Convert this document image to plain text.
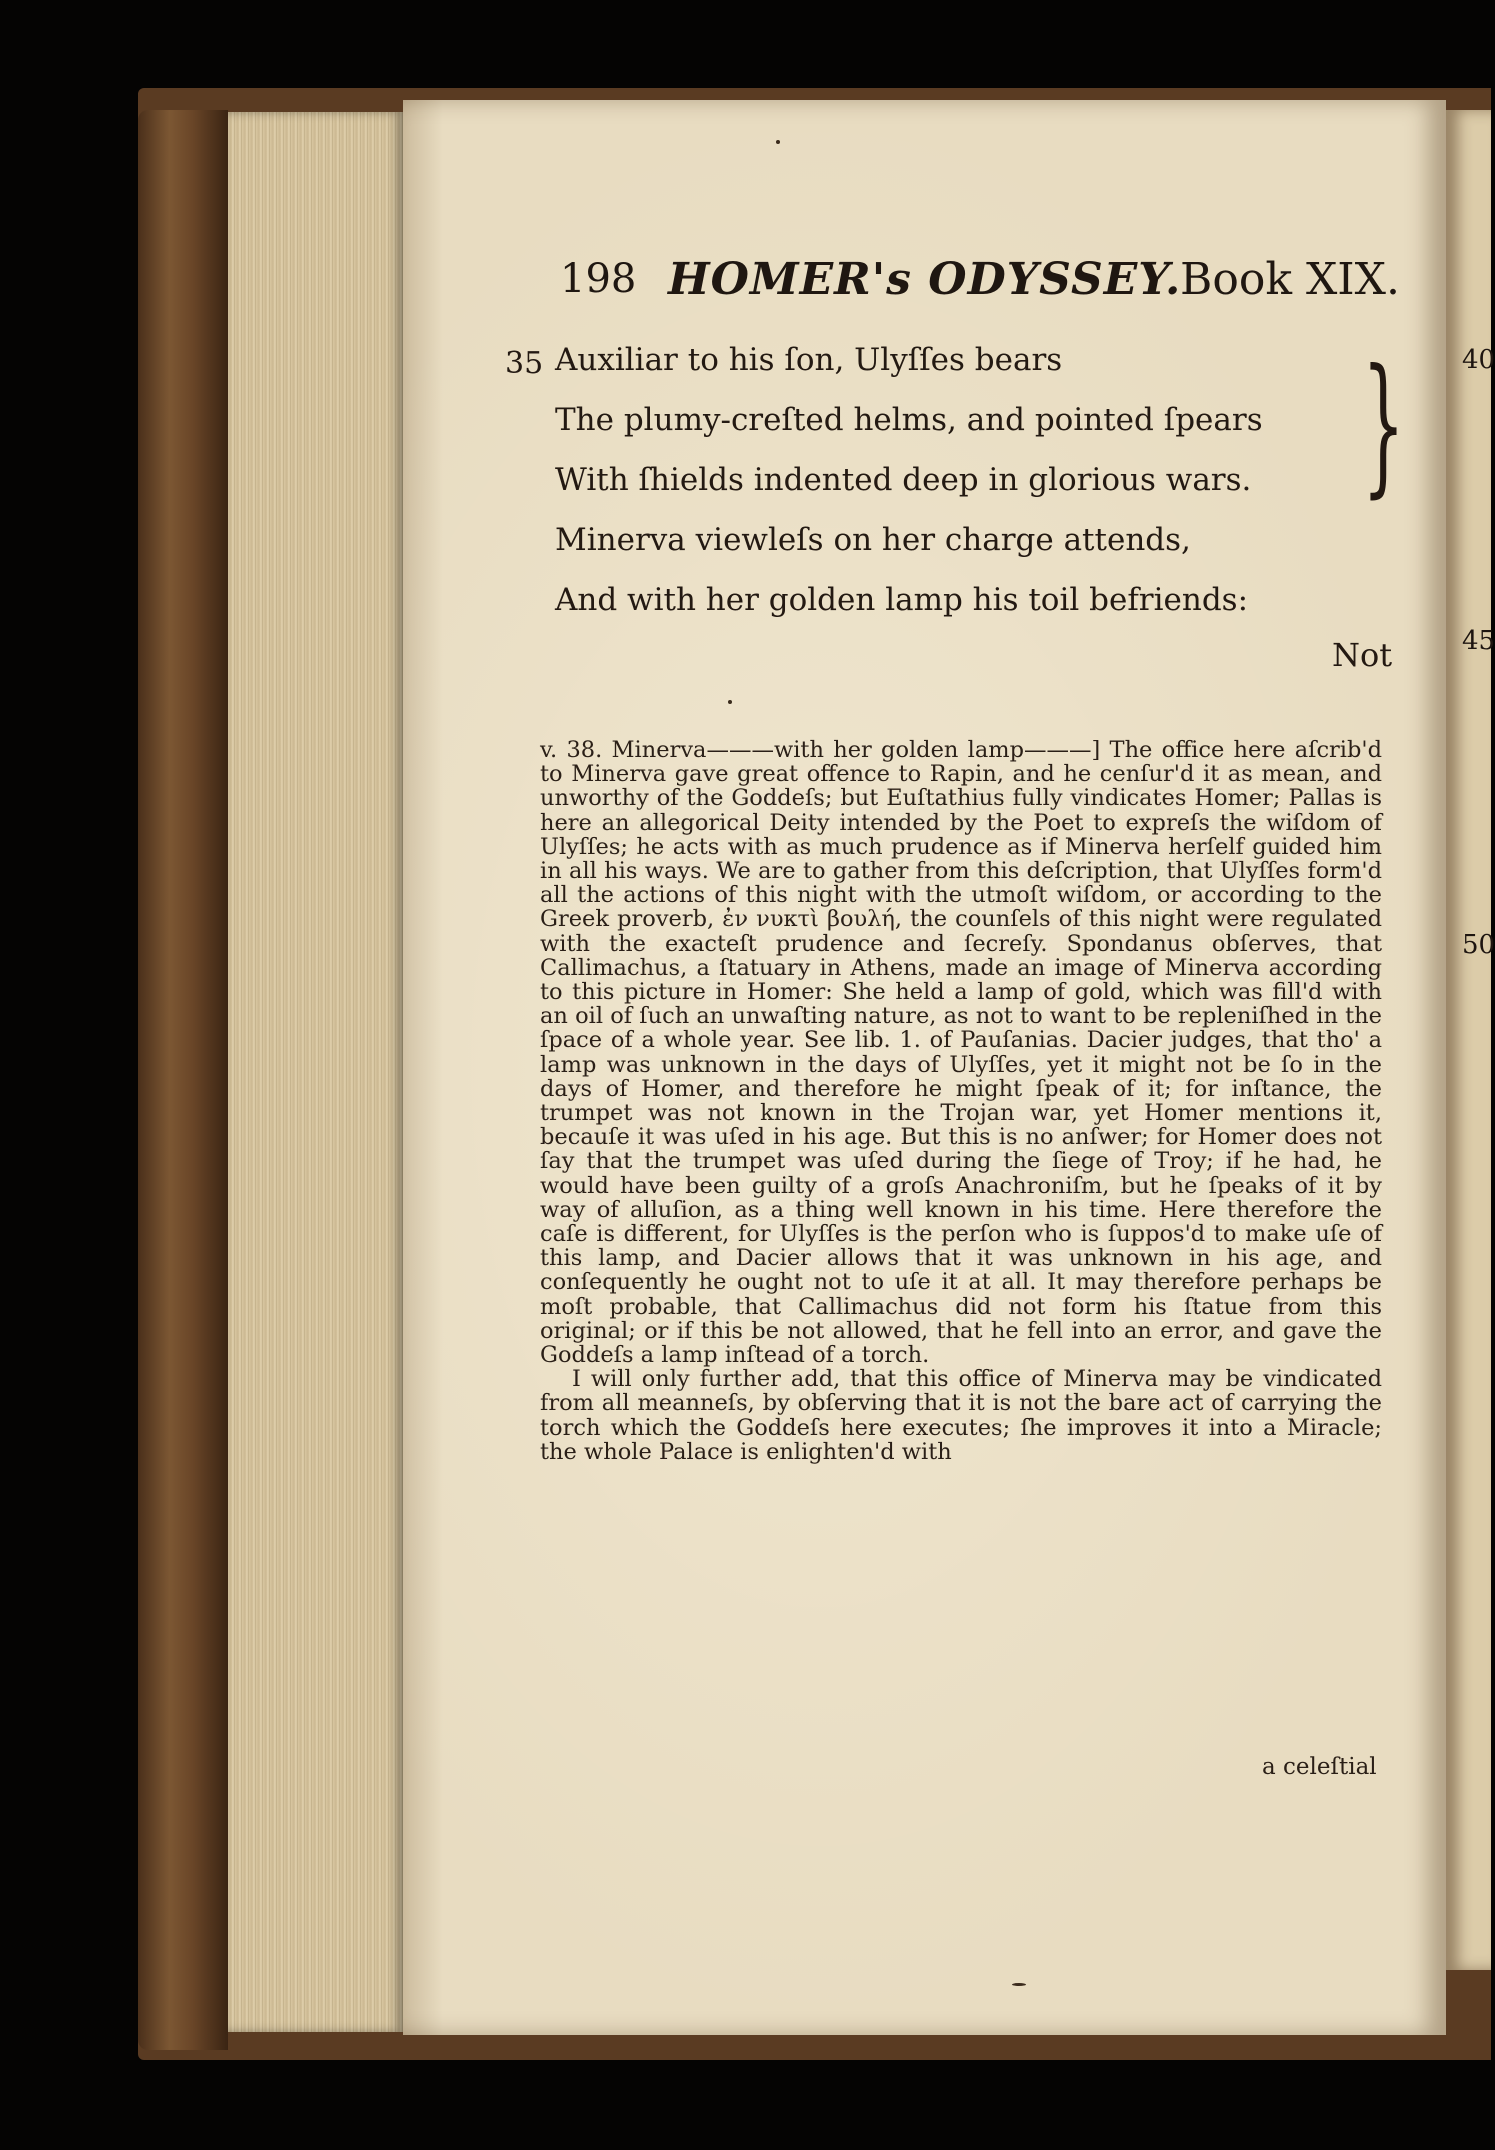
198 HOMER's ODYSSEY.
Book XIX.
35 Auxiliar to his ſon, Ulyſſes bears
The plumy-creſted helms, and pointed ſpears
With ſhields indented deep in glorious wars.
Minerva viewleſs on her charge attends,
And with her golden lamp his toil befriends:
}
Not

v. 38. Minerva———with her golden lamp———] The office here aſcrib'd to Minerva gave great offence to Rapin, and he cenſur'd it as mean, and unworthy of the Goddeſs; but Euſtathius fully vindicates Homer; Pallas is here an allegorical Deity intended by the Poet to expreſs the wiſdom of Ulyſſes; he acts with as much prudence as if Minerva herſelf guided him in all his ways. We are to gather from this deſcription, that Ulyſſes form'd all the actions of this night with the utmoſt wiſdom, or according to the Greek proverb, ἐν νυκτὶ βουλή, the counſels of this night were regulated with the exacteſt prudence and ſecreſy. Spondanus obſerves, that Callimachus, a ſtatuary in Athens, made an image of Minerva according to this picture in Homer: She held a lamp of gold, which was fill'd with an oil of ſuch an unwaſting nature, as not to want to be repleniſhed in the ſpace of a whole year. See lib. 1. of Pauſanias. Dacier judges, that tho' a lamp was unknown in the days of Ulyſſes, yet it might not be ſo in the days of Homer, and therefore he might ſpeak of it; for inſtance, the trumpet was not known in the Trojan war, yet Homer mentions it, becauſe it was uſed in his age. But this is no anſwer; for Homer does not ſay that the trumpet was uſed during the ſiege of Troy; if he had, he would have been guilty of a groſs Anachroniſm, but he ſpeaks of it by way of alluſion, as a thing well known in his time. Here therefore the caſe is different, for Ulyſſes is the perſon who is ſuppos'd to make uſe of this lamp, and Dacier allows that it was unknown in his age, and conſequently he ought not to uſe it at all. It may therefore perhaps be moſt probable, that Callimachus did not form his ſtatue from this original; or if this be not allowed, that he fell into an error, and gave the Goddeſs a lamp inſtead of a torch.

I will only further add, that this office of Minerva may be vindicated from all meanneſs, by obſerving that it is not the bare act of carrying the torch which the Goddeſs here executes; ſhe improves it into a Miracle; the whole Palace is enlighten'd with

a celeſtial
40
45
50
